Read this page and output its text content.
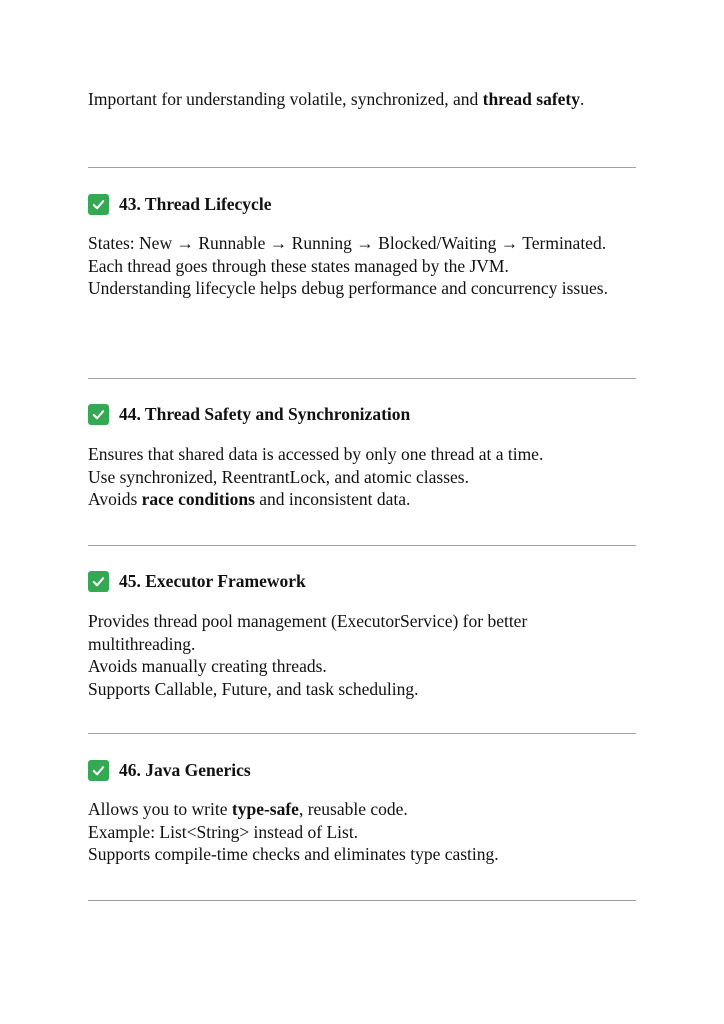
Important for understanding volatile, synchronized, and thread safety.

43. Thread Lifecycle

States: New → Runnable → Running → Blocked/Waiting → Terminated.

Each thread goes through these states managed by the JVM.

Understanding lifecycle helps debug performance and concurrency issues.

44. Thread Safety and Synchronization

Ensures that shared data is accessed by only one thread at a time.

Use synchronized, ReentrantLock, and atomic classes.

Avoids race conditions and inconsistent data.

45. Executor Framework

Provides thread pool management (ExecutorService) for better multithreading.

Avoids manually creating threads.

Supports Callable, Future, and task scheduling.

46. Java Generics

Allows you to write type-safe, reusable code.

Example: List<String> instead of List.

Supports compile-time checks and eliminates type casting.
